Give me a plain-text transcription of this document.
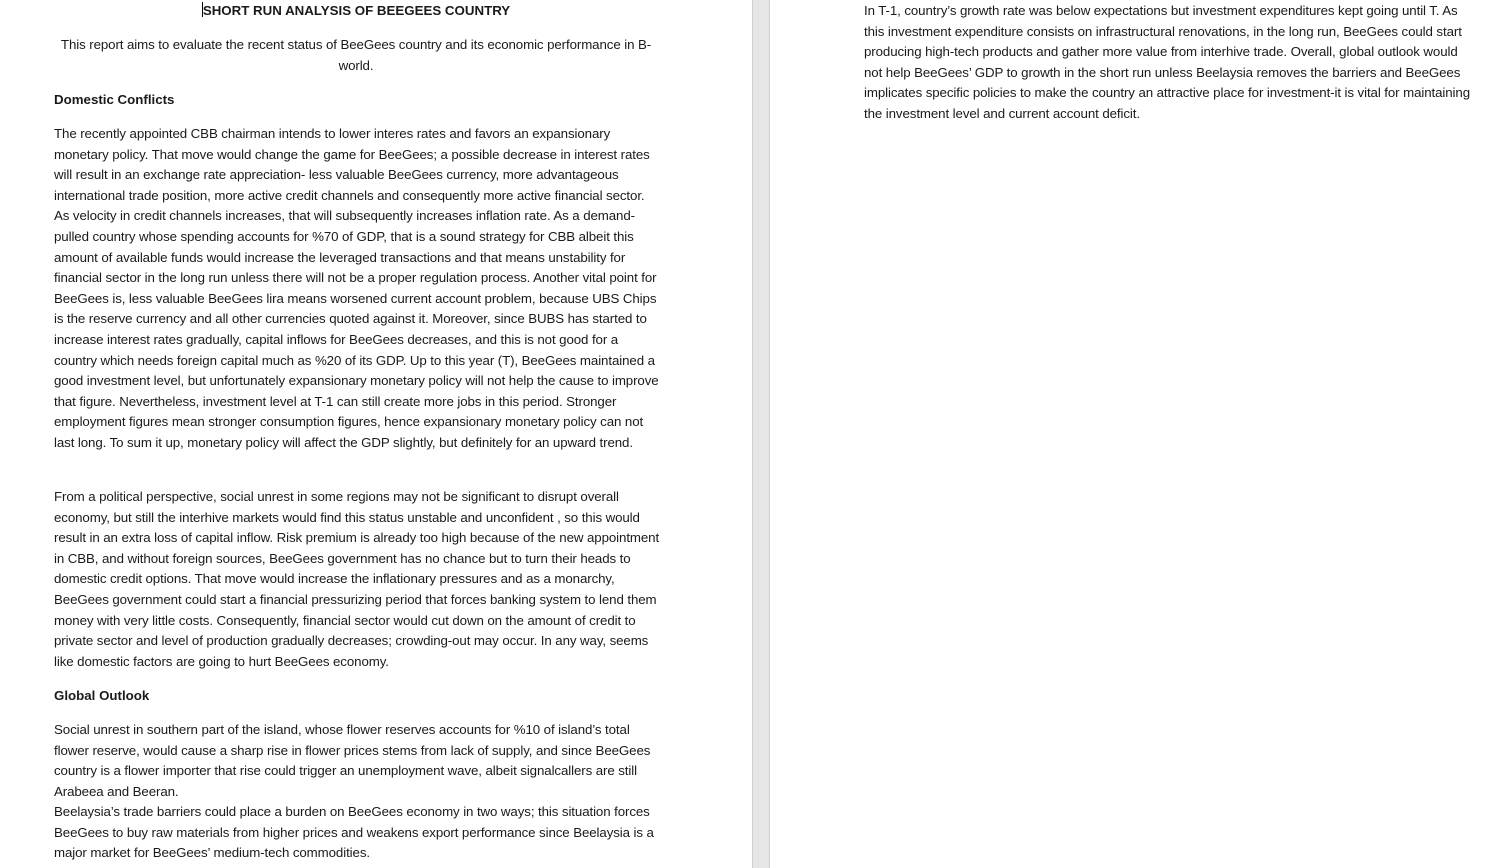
SHORT RUN ANALYSIS OF BEEGEES COUNTRY
This report aims to evaluate the recent status of BeeGees country and its economic performance in B-world.
Domestic Conflicts

The recently appointed CBB chairman intends to lower interes rates and favors an expansionary monetary policy. That move would change the game for BeeGees; a possible decrease in interest rates will result in an exchange rate appreciation- less valuable BeeGees currency, more advantageous international trade position, more active credit channels and consequently more active financial sector. As velocity in credit channels increases, that will subsequently increases inflation rate. As a demand-pulled country whose spending accounts for %70 of GDP, that is a sound strategy for CBB albeit this amount of available funds would increase the leveraged transactions and that means unstability for financial sector in the long run unless there will not be a proper regulation process. Another vital point for BeeGees is, less valuable BeeGees lira means worsened current account problem, because UBS Chips is the reserve currency and all other currencies quoted against it. Moreover, since BUBS has started to increase interest rates gradually, capital inflows for BeeGees decreases, and this is not good for a country which needs foreign capital much as %20 of its GDP. Up to this year (T), BeeGees maintained a good investment level, but unfortunately expansionary monetary policy will not help the cause to improve that figure. Nevertheless, investment level at T-1 can still create more jobs in this period. Stronger employment figures mean stronger consumption figures, hence expansionary monetary policy can not last long. To sum it up, monetary policy will affect the GDP slightly, but definitely for an upward trend.

From a political perspective, social unrest in some regions may not be significant to disrupt overall economy, but still the interhive markets would find this status unstable and unconfident , so this would result in an extra loss of capital inflow. Risk premium is already too high because of the new appointment in CBB, and without foreign sources, BeeGees government has no chance but to turn their heads to domestic credit options. That move would increase the inflationary pressures and as a monarchy, BeeGees government could start a financial pressurizing period that forces banking system to lend them money with very little costs. Consequently, financial sector would cut down on the amount of credit to private sector and level of production gradually decreases; crowding-out may occur. In any way, seems like domestic factors are going to hurt BeeGees economy.

Global Outlook

Social unrest in southern part of the island, whose flower reserves accounts for %10 of island’s total flower reserve, would cause a sharp rise in flower prices stems from lack of supply, and since BeeGees country is a flower importer that rise could trigger an unemployment wave, albeit signalcallers are still Arabeea and Beeran.

Beelaysia’s trade barriers could place a burden on BeeGees economy in two ways; this situation forces BeeGees to buy raw materials from higher prices and weakens export performance since Beelaysia is a major market for BeeGees’ medium-tech commodities.

In T-1, country’s growth rate was below expectations but investment expenditures kept going until T. As this investment expenditure consists on infrastructural renovations, in the long run, BeeGees could start producing high-tech products and gather more value from interhive trade. Overall, global outlook would not help BeeGees’ GDP to growth in the short run unless Beelaysia removes the barriers and BeeGees implicates specific policies to make the country an attractive place for investment-it is vital for maintaining the investment level and current account deficit.
